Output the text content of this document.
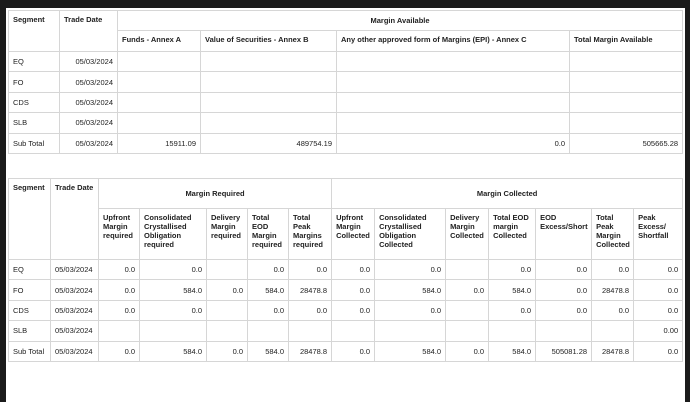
Segment	Trade Date	Margin Available			
		Funds - Annex A	Value of Securities - Annex B	Any other approved form of Margins (EPI) - Annex C	Total Margin Available
EQ	05/03/2024				
FO	05/03/2024				
CDS	05/03/2024				
SLB	05/03/2024				
Sub Total	05/03/2024	15911.09	489754.19	0.0	505665.28
Segment	Trade Date	Margin Required					Margin Collected						
		Upfront Margin required	Consolidated Crystallised Obligation required	Delivery Margin required	Total EOD Margin required	Total Peak Margins required	Upfront Margin Collected	Consolidated Crystallised Obligation Collected	Delivery Margin Collected	Total EOD margin Collected	EOD Excess/Short	Total Peak Margin Collected	Peak Excess/ Shortfall
EQ	05/03/2024	0.0	0.0		0.0	0.0	0.0	0.0		0.0	0.0	0.0	0.0
FO	05/03/2024	0.0	584.0	0.0	584.0	28478.8	0.0	584.0	0.0	584.0	0.0	28478.8	0.0
CDS	05/03/2024	0.0	0.0		0.0	0.0	0.0	0.0		0.0	0.0	0.0	0.0
SLB	05/03/2024												0.00
Sub Total	05/03/2024	0.0	584.0	0.0	584.0	28478.8	0.0	584.0	0.0	584.0	505081.28	28478.8	0.0
